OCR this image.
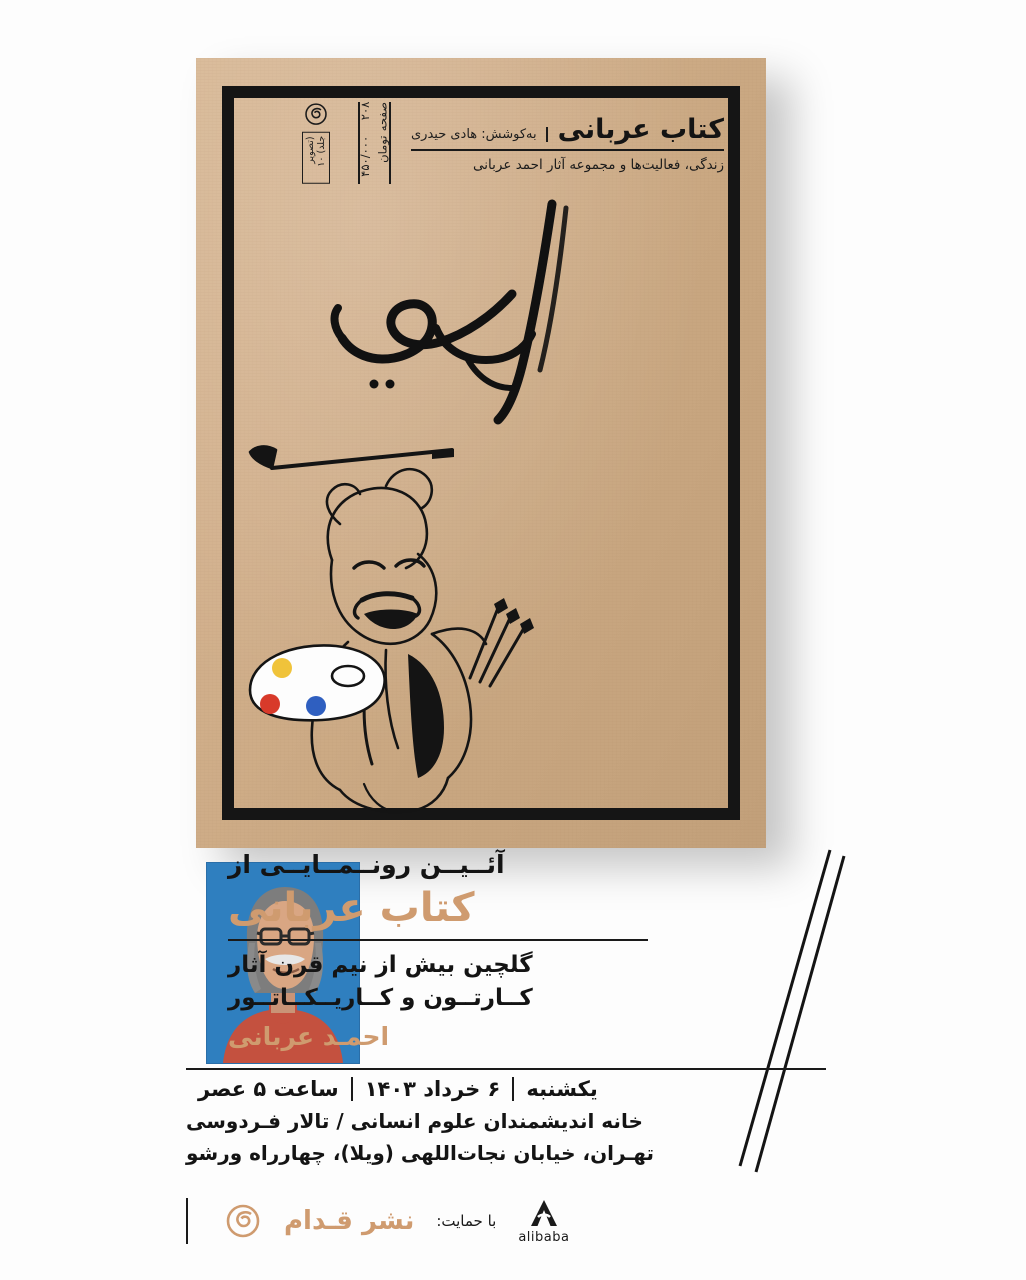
کتاب عربانی
به‌کوشش: هادی حیدری
زندگی، فعالیت‌ها و مجموعه آثار احمد عربانی
۲۰۸ صفحه
۴۵۰/۰۰۰ تومان
(تصویر جلد) ۱۰
آئــیــن رونــمــایــی از
کتاب عربانی
گلچین بیش از نیم قرن آثار
کــارتــون و کــاریــکــاتــور
احمـد عربانی
یکشنبه
۶ خرداد ۱۴۰۳
ساعت ۵ عصر
خانه اندیشمندان علوم انسانی / تالار فـردوسی
تهـران، خیابان نجات‌اللهی (ویلا)، چهارراه ورشو
نشر قـدام	با حمایت:
alibaba
